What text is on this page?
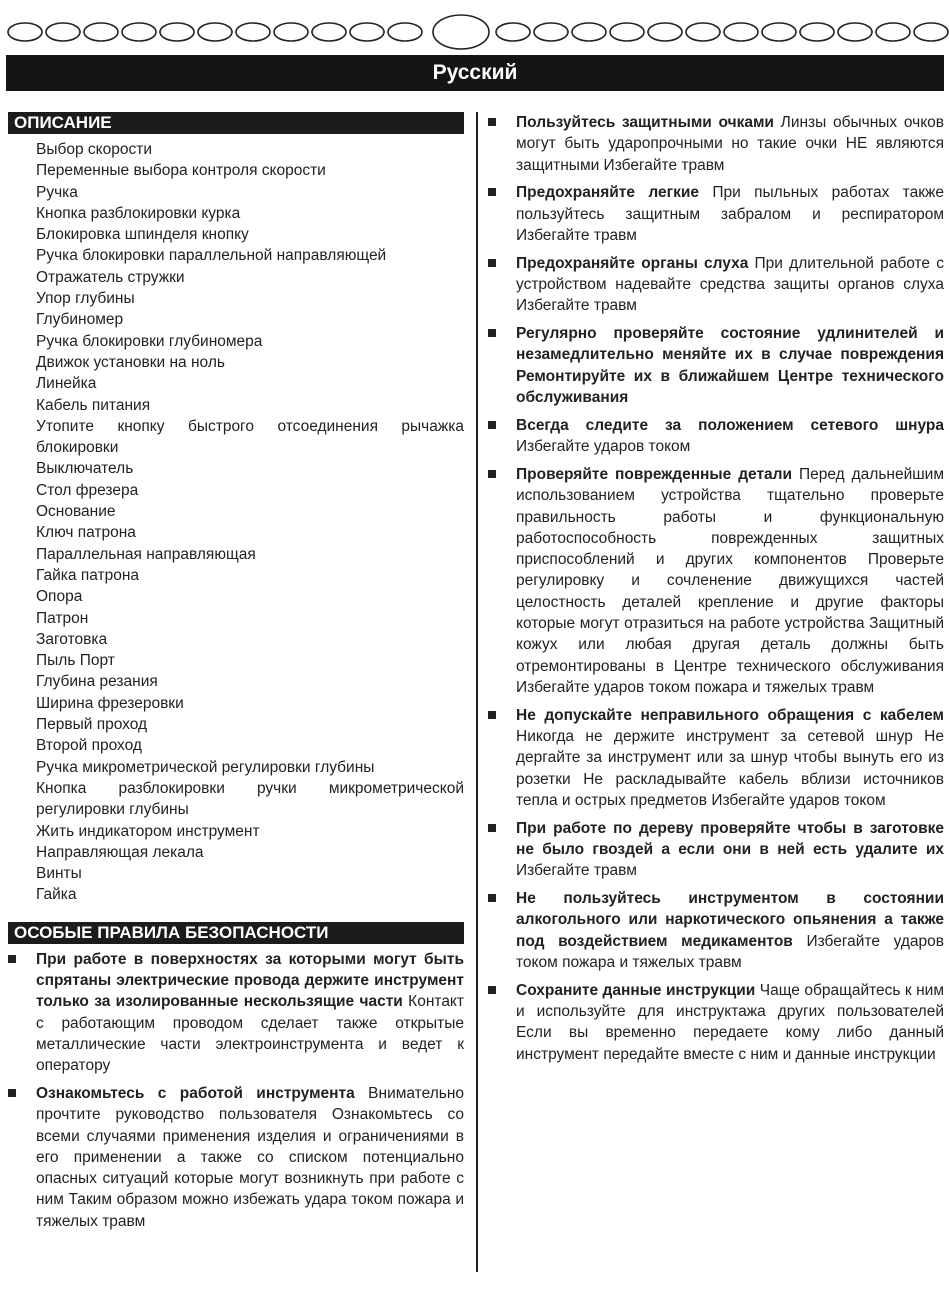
Русский
ОПИСАНИЕ
Выбор скорости
Переменные выбора контроля скорости
Ручка
Кнопка разблокировки курка
Блокировка шпинделя кнопку
Ручка блокировки параллельной направляющей
Отражатель стружки
Упор глубины
Глубиномер
Ручка блокировки глубиномера
Движок установки на ноль
Линейка
Кабель питания
Утопите кнопку быстрого отсоединения рычажка блокировки
Выключатель
Стол фрезера
Основание
Ключ патрона
Параллельная направляющая
Гайка патрона
Опора
Патрон
Заготовка
Пыль Порт
Глубина резания
Ширина фрезеровки
Первый проход
Второй проход
Ручка микрометрической регулировки глубины
Кнопка разблокировки ручки микрометрической регулировки глубины
Жить индикатором инструмент
Направляющая лекала
Винты
Гайка
ОСОБЫЕ ПРАВИЛА БЕЗОПАСНОСТИ
При работе в поверхностях за которыми могут быть спрятаны электрические провода держите инструмент только за изолированные нескользящие части Контакт с работающим проводом сделает также открытые металлические части электроинструмента и ведет к оператору
Ознакомьтесь с работой инструмента Внимательно прочтите руководство пользователя Ознакомьтесь со всеми случаями применения изделия и ограничениями в его применении а также со списком потенциально опасных ситуаций которые могут возникнуть при работе с ним Таким образом можно избежать удара током пожара и тяжелых травм
Пользуйтесь защитными очками Линзы обычных очков могут быть ударопрочными но такие очки НЕ являются защитными Избегайте травм
Предохраняйте легкие При пыльных работах также пользуйтесь защитным забралом и респиратором Избегайте травм
Предохраняйте органы слуха При длительной работе с устройством надевайте средства защиты органов слуха Избегайте травм
Регулярно проверяйте состояние удлинителей и незамедлительно меняйте их в случае повреждения Ремонтируйте их в ближайшем Центре технического обслуживания
Всегда следите за положением сетевого шнура Избегайте ударов током
Проверяйте поврежденные детали Перед дальнейшим использованием устройства тщательно проверьте правильность работы и функциональную работоспособность поврежденных защитных приспособлений и других компонентов Проверьте регулировку и сочленение движущихся частей целостность деталей крепление и другие факторы которые могут отразиться на работе устройства Защитный кожух или любая другая деталь должны быть отремонтированы в Центре технического обслуживания Избегайте ударов током пожара и тяжелых травм
Не допускайте неправильного обращения с кабелем Никогда не держите инструмент за сетевой шнур Не дергайте за инструмент или за шнур чтобы вынуть его из розетки Не раскладывайте кабель вблизи источников тепла и острых предметов Избегайте ударов током
При работе по дереву проверяйте чтобы в заготовке не было гвоздей а если они в ней есть удалите их Избегайте травм
Не пользуйтесь инструментом в состоянии алкогольного или наркотического опьянения а также под воздействием медикаментов Избегайте ударов током пожара и тяжелых травм
Сохраните данные инструкции Чаще обращайтесь к ним и используйте для инструктажа других пользователей Если вы временно передаете кому либо данный инструмент передайте вместе с ним и данные инструкции
